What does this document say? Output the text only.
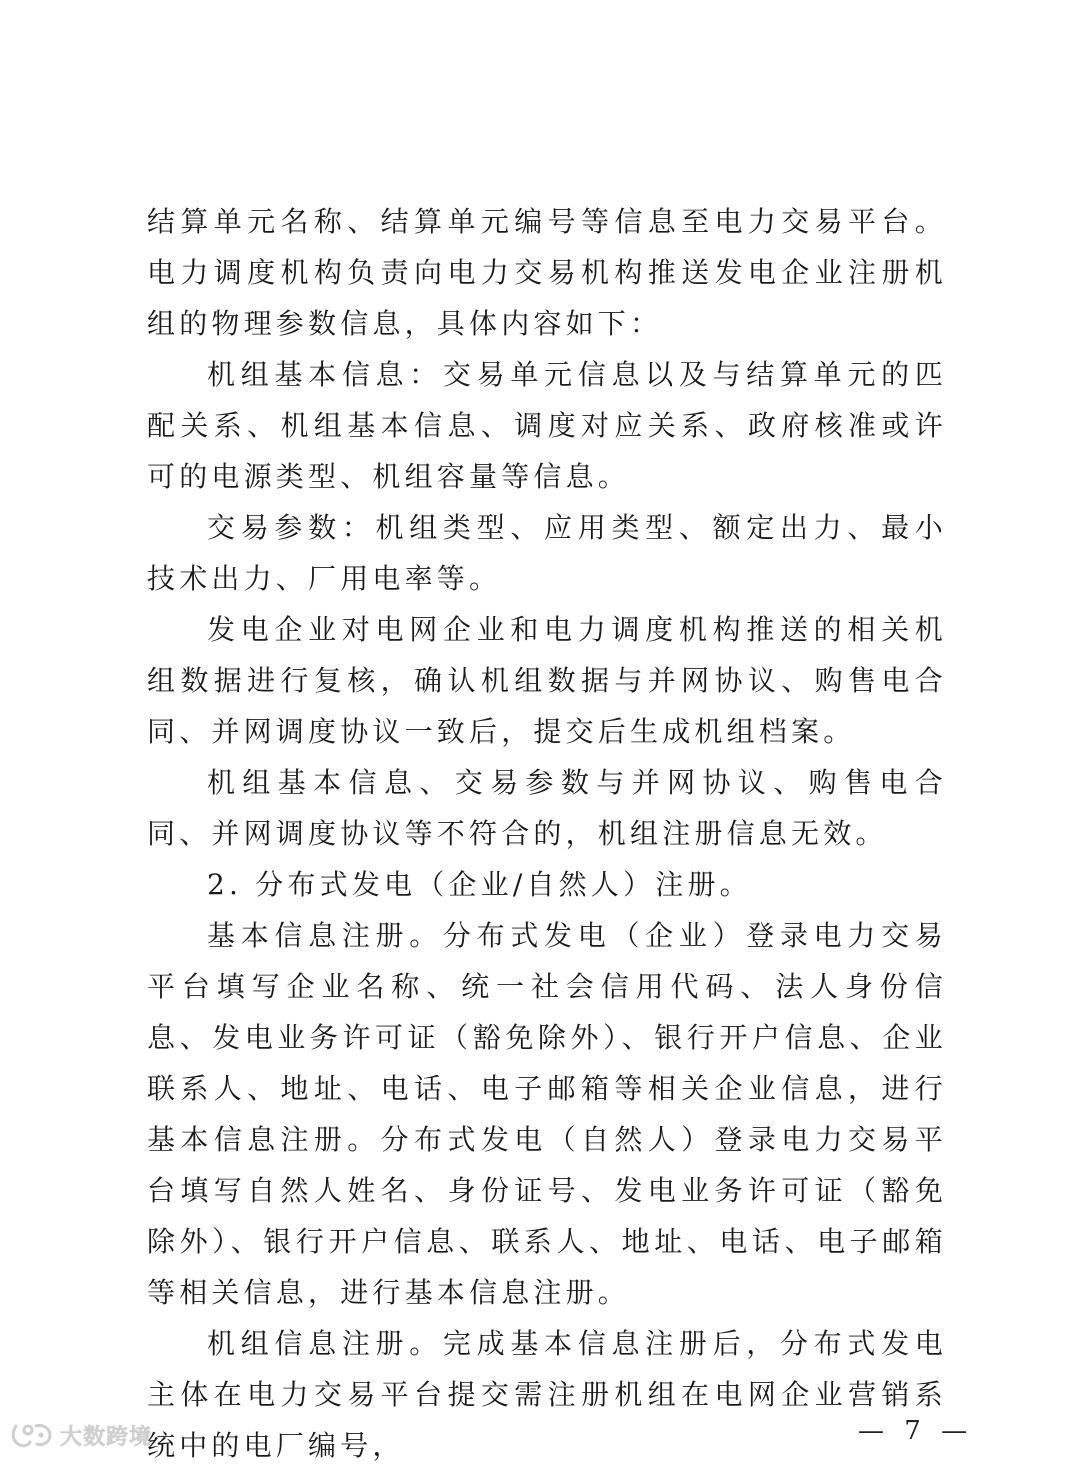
结算单元名称、结算单元编号等信息至电力交易平台。电力调度机构负责向电力交易机构推送发电企业注册机组的物理参数信息，具体内容如下：

机组基本信息：交易单元信息以及与结算单元的匹配关系、机组基本信息、调度对应关系、政府核准或许可的电源类型、机组容量等信息。

交易参数：机组类型、应用类型、额定出力、最小技术出力、厂用电率等。

发电企业对电网企业和电力调度机构推送的相关机组数据进行复核，确认机组数据与并网协议、购售电合同、并网调度协议一致后，提交后生成机组档案。

机组基本信息、交易参数与并网协议、购售电合同、并网调度协议等不符合的，机组注册信息无效。

2. 分布式发电（企业/自然人）注册。

基本信息注册。分布式发电（企业）登录电力交易平台填写企业名称、统一社会信用代码、法人身份信息、发电业务许可证（豁免除外）、银行开户信息、企业联系人、地址、电话、电子邮箱等相关企业信息，进行基本信息注册。分布式发电（自然人）登录电力交易平台填写自然人姓名、身份证号、发电业务许可证（豁免除外）、银行开户信息、联系人、地址、电话、电子邮箱等相关信息，进行基本信息注册。

机组信息注册。完成基本信息注册后，分布式发电主体在电力交易平台提交需注册机组在电网企业营销系统中的电厂编号，

大数跨境	— 7 —
